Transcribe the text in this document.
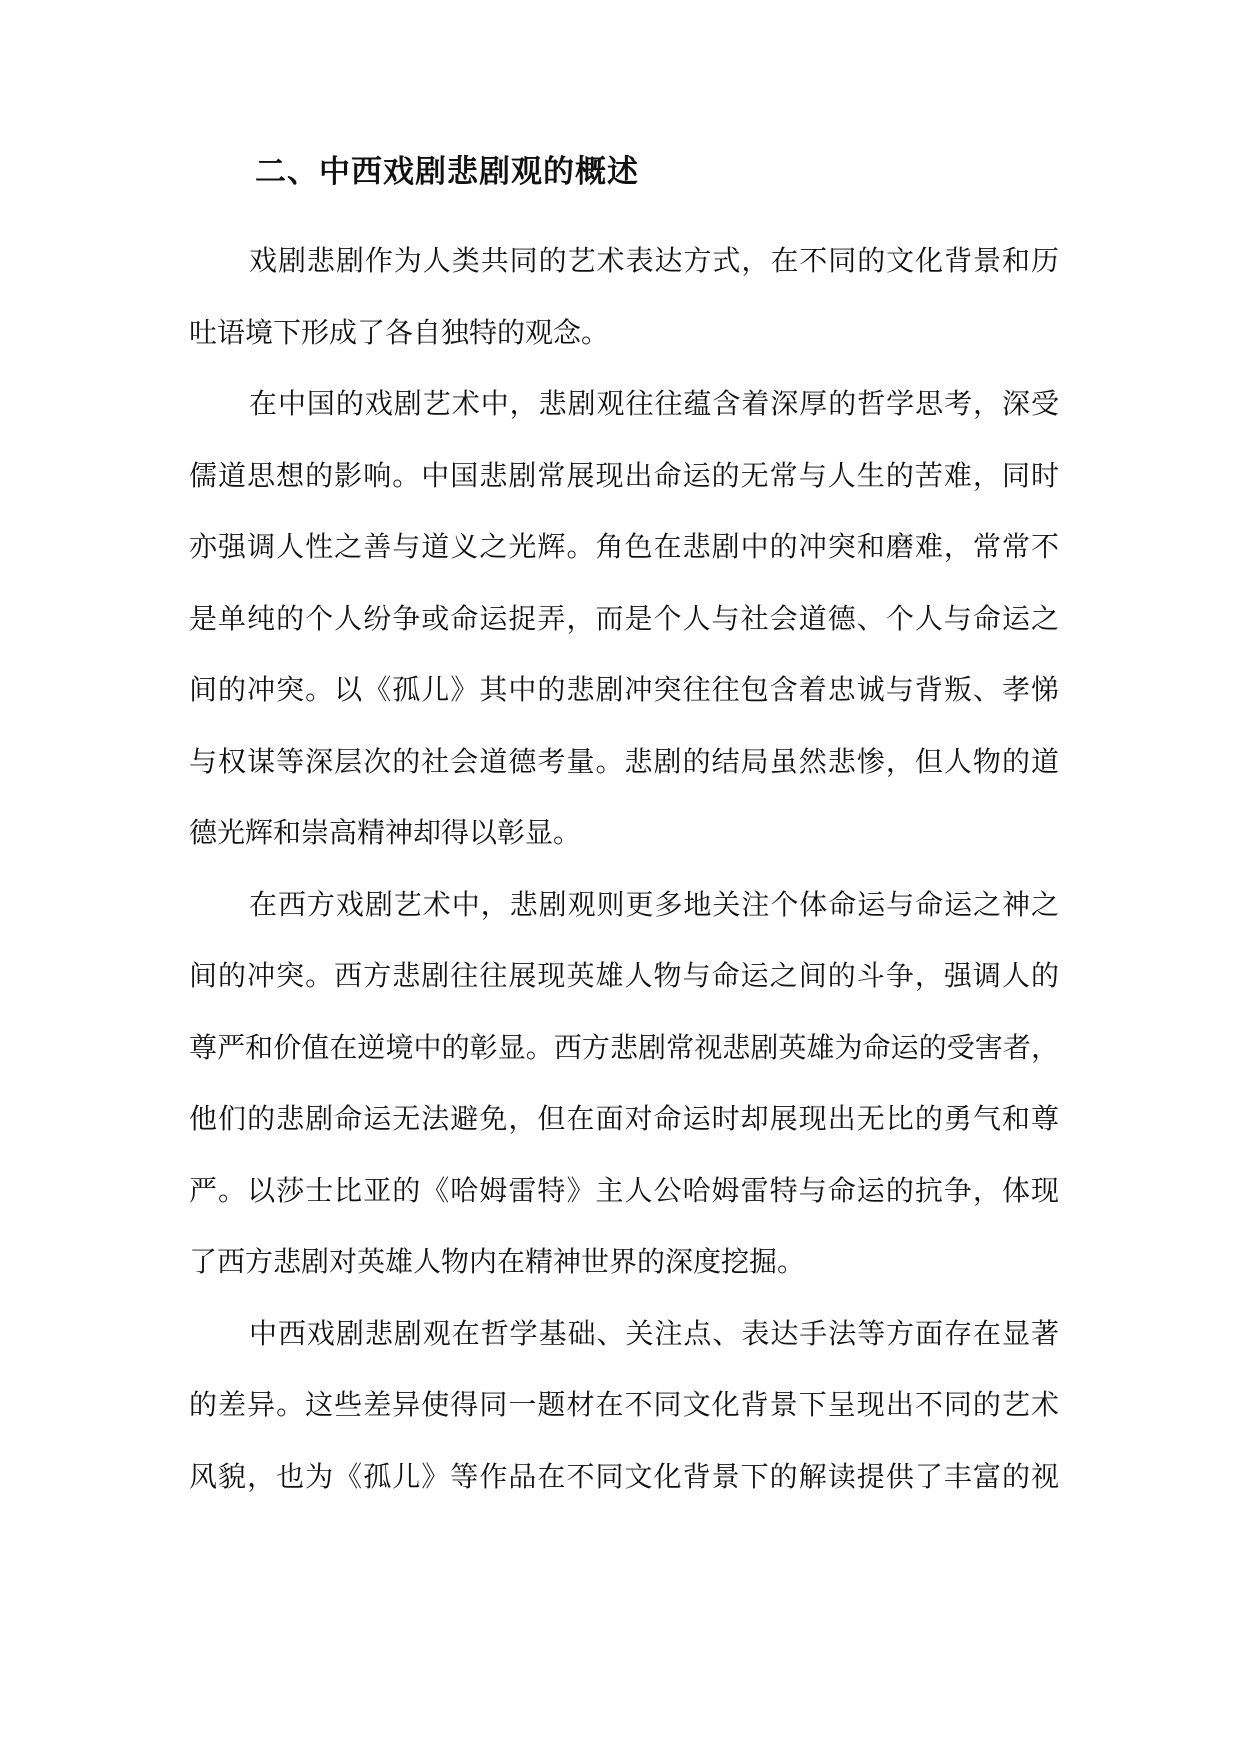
二、中西戏剧悲剧观的概述
戏剧悲剧作为人类共同的艺术表达方式，在不同的文化背景和历
吐语境下形成了各自独特的观念。
在中国的戏剧艺术中，悲剧观往往蕴含着深厚的哲学思考，深受
儒道思想的影响。中国悲剧常展现出命运的无常与人生的苦难，同时
亦强调人性之善与道义之光辉。角色在悲剧中的冲突和磨难，常常不
是单纯的个人纷争或命运捉弄，而是个人与社会道德、个人与命运之
间的冲突。以《孤儿》其中的悲剧冲突往往包含着忠诚与背叛、孝悌
与权谋等深层次的社会道德考量。悲剧的结局虽然悲惨，但人物的道
德光辉和崇高精神却得以彰显。
在西方戏剧艺术中，悲剧观则更多地关注个体命运与命运之神之
间的冲突。西方悲剧往往展现英雄人物与命运之间的斗争，强调人的
尊严和价值在逆境中的彰显。西方悲剧常视悲剧英雄为命运的受害者，
他们的悲剧命运无法避免，但在面对命运时却展现出无比的勇气和尊
严。以莎士比亚的《哈姆雷特》主人公哈姆雷特与命运的抗争，体现
了西方悲剧对英雄人物内在精神世界的深度挖掘。
中西戏剧悲剧观在哲学基础、关注点、表达手法等方面存在显著
的差异。这些差异使得同一题材在不同文化背景下呈现出不同的艺术
风貌，也为《孤儿》等作品在不同文化背景下的解读提供了丰富的视
